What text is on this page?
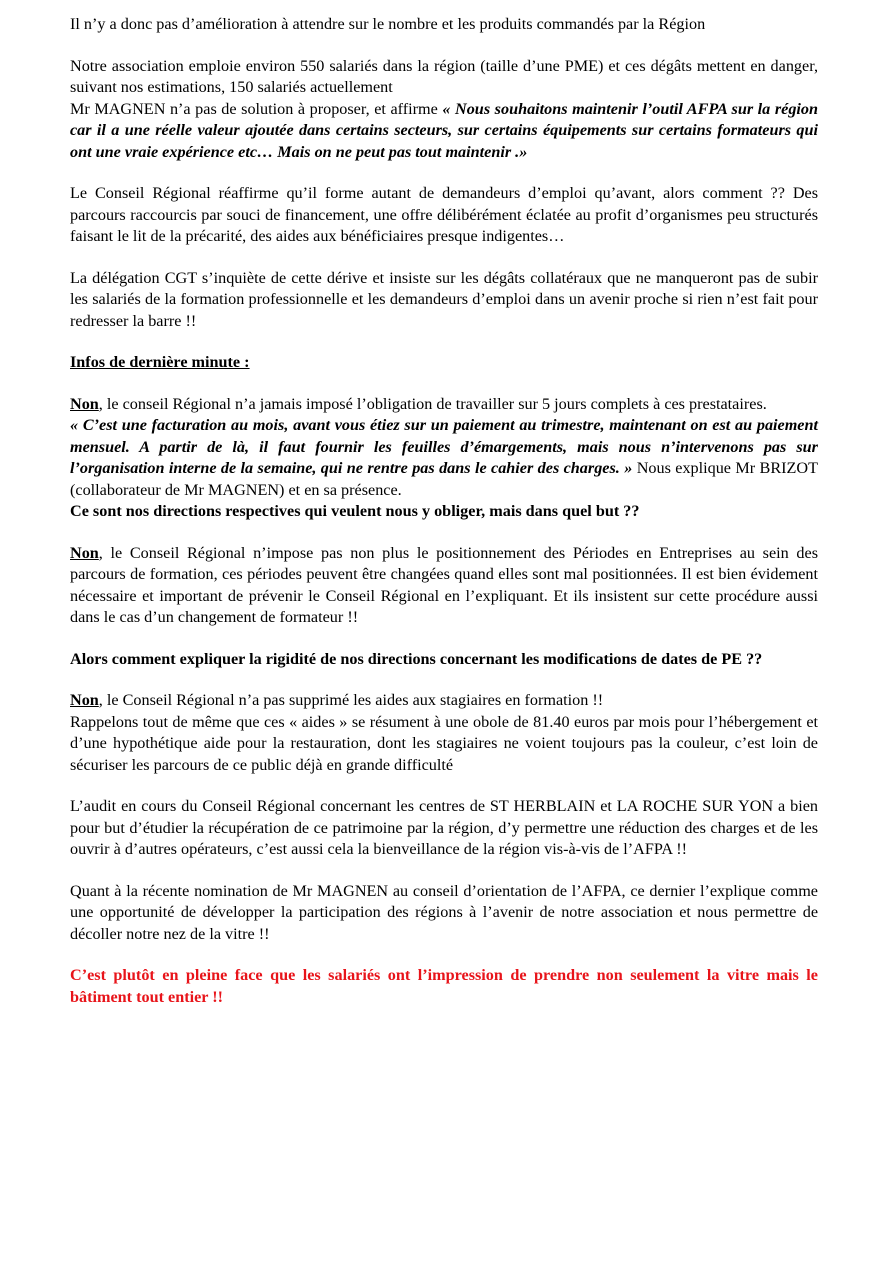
Il n’y a donc pas d’amélioration à attendre sur le nombre et les produits commandés par la Région

Notre association emploie environ 550 salariés dans la région (taille d’une PME) et ces dégâts mettent en danger, suivant nos estimations, 150 salariés actuellement

Mr MAGNEN n’a pas de solution à proposer, et affirme « Nous souhaitons maintenir l’outil AFPA sur la région car il a une réelle valeur ajoutée dans certains secteurs, sur certains équipements sur certains formateurs qui ont une vraie expérience etc… Mais on ne peut pas tout maintenir .»

Le Conseil Régional réaffirme qu’il forme autant de demandeurs d’emploi qu’avant, alors comment ?? Des parcours raccourcis par souci de financement, une offre délibérément éclatée au profit d’organismes peu structurés faisant le lit de la précarité, des aides aux bénéficiaires presque indigentes…

La délégation CGT s’inquiète de cette dérive et insiste sur les dégâts collatéraux que ne manqueront pas de subir les salariés de la formation professionnelle et les demandeurs d’emploi dans un avenir proche si rien n’est fait pour redresser la barre !!

Infos de dernière minute :

Non, le conseil Régional n’a jamais imposé l’obligation de travailler sur 5 jours complets à ces prestataires.

« C’est une facturation au mois, avant vous étiez sur un paiement au trimestre, maintenant on est au paiement mensuel. A partir de là, il faut fournir les feuilles d’émargements, mais nous n’intervenons pas sur l’organisation interne de la semaine, qui ne rentre pas dans le cahier des charges. » Nous explique Mr BRIZOT (collaborateur de Mr MAGNEN) et en sa présence.

Ce sont nos directions respectives qui veulent nous y obliger, mais dans quel but ??

Non, le Conseil Régional n’impose pas non plus le positionnement des Périodes en Entreprises au sein des parcours de formation, ces périodes peuvent être changées quand elles sont mal positionnées. Il est bien évidement nécessaire et important de prévenir le Conseil Régional en l’expliquant. Et ils insistent sur cette procédure aussi dans le cas d’un changement de formateur !!

Alors comment expliquer la rigidité de nos directions concernant les modifications de dates de PE ??

Non, le Conseil Régional n’a pas supprimé les aides aux stagiaires en formation !!

Rappelons tout de même que ces « aides » se résument à une obole de 81.40 euros par mois pour l’hébergement et d’une hypothétique aide pour la restauration, dont les stagiaires ne voient toujours pas la couleur, c’est loin de sécuriser les parcours de ce public déjà en grande difficulté

L’audit en cours du Conseil Régional concernant les centres de ST HERBLAIN et LA ROCHE SUR YON a bien pour but d’étudier la récupération de ce patrimoine par la région, d’y permettre une réduction des charges et de les ouvrir à d’autres opérateurs, c’est aussi cela la bienveillance de la région vis-à-vis de l’AFPA !!

Quant à la récente nomination de Mr MAGNEN au conseil d’orientation de l’AFPA, ce dernier l’explique comme une opportunité de développer la participation des régions à l’avenir de notre association et nous permettre de décoller notre nez de la vitre !!

C’est plutôt en pleine face que les salariés ont l’impression de prendre non seulement la vitre mais le bâtiment tout entier !!
